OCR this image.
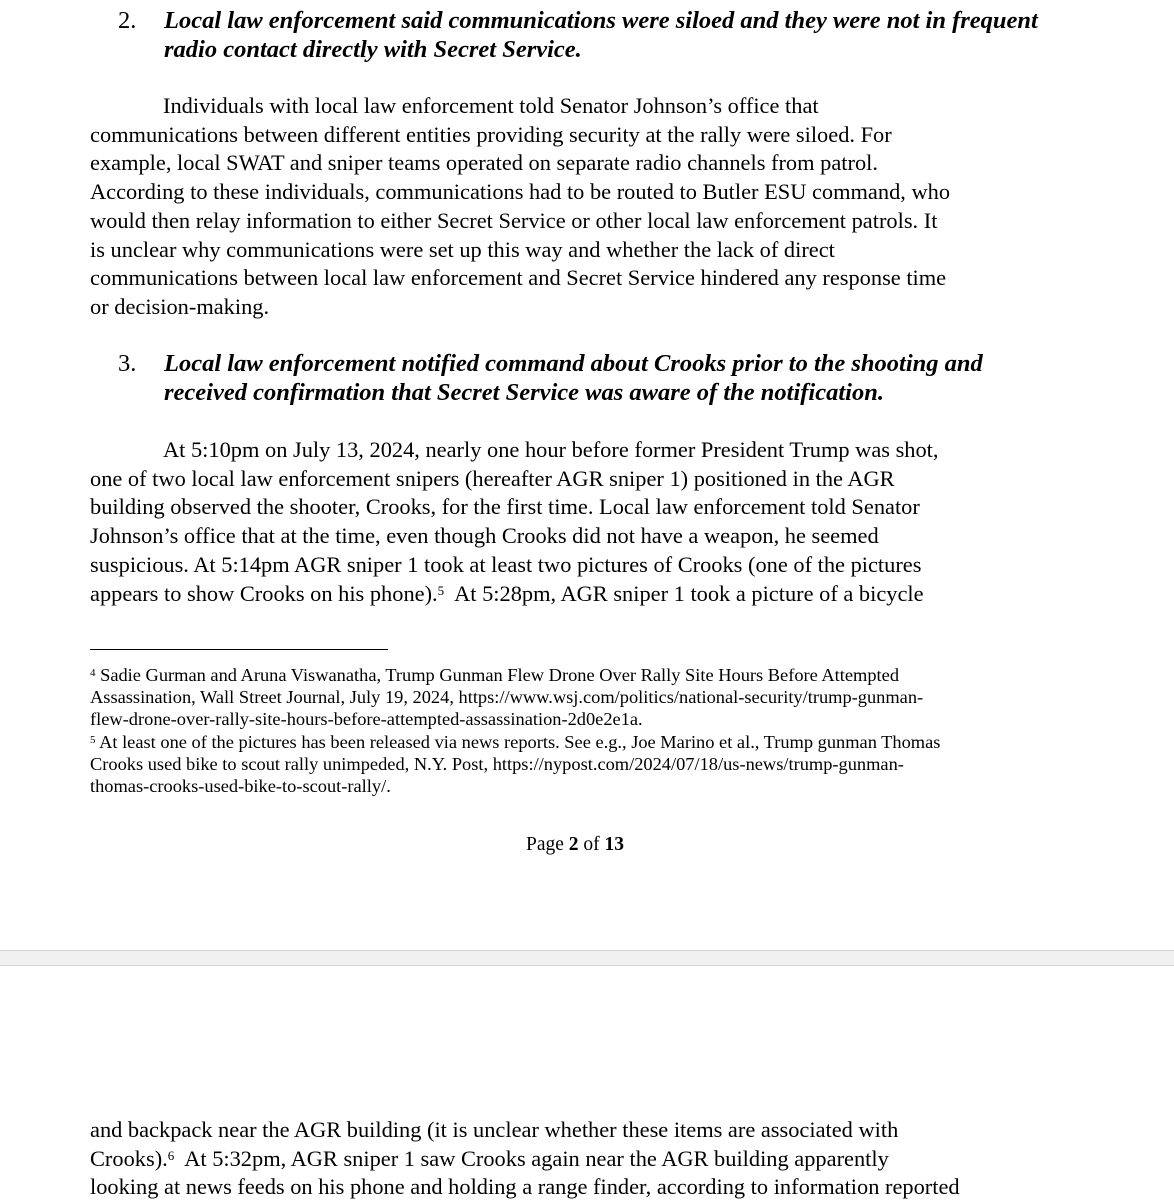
2.	Local law enforcement said communications were siloed and they were not in frequent
radio contact directly with Secret Service.
Individuals with local law enforcement told Senator Johnson’s office that
communications between different entities providing security at the rally were siloed. For
example, local SWAT and sniper teams operated on separate radio channels from patrol.
According to these individuals, communications had to be routed to Butler ESU command, who
would then relay information to either Secret Service or other local law enforcement patrols. It
is unclear why communications were set up this way and whether the lack of direct
communications between local law enforcement and Secret Service hindered any response time
or decision-making.
3.	Local law enforcement notified command about Crooks prior to the shooting and
received confirmation that Secret Service was aware of the notification.
At 5:10pm on July 13, 2024, nearly one hour before former President Trump was shot,
one of two local law enforcement snipers (hereafter AGR sniper 1) positioned in the AGR
building observed the shooter, Crooks, for the first time. Local law enforcement told Senator
Johnson’s office that at the time, even though Crooks did not have a weapon, he seemed
suspicious. At 5:14pm AGR sniper 1 took at least two pictures of Crooks (one of the pictures
appears to show Crooks on his phone).$^5$  At 5:28pm, AGR sniper 1 took a picture of a bicycle
$^4$ Sadie Gurman and Aruna Viswanatha, Trump Gunman Flew Drone Over Rally Site Hours Before Attempted
Assassination, Wall Street Journal, July 19, 2024, https://www.wsj.com/politics/national-security/trump-gunman-
flew-drone-over-rally-site-hours-before-attempted-assassination-2d0e2e1a.
$^5$ At least one of the pictures has been released via news reports. See e.g., Joe Marino et al., Trump gunman Thomas
Crooks used bike to scout rally unimpeded, N.Y. Post, https://nypost.com/2024/07/18/us-news/trump-gunman-
thomas-crooks-used-bike-to-scout-rally/.
Page 2 of 13
and backpack near the AGR building (it is unclear whether these items are associated with
Crooks).$^6$  At 5:32pm, AGR sniper 1 saw Crooks again near the AGR building apparently
looking at news feeds on his phone and holding a range finder, according to information reported
